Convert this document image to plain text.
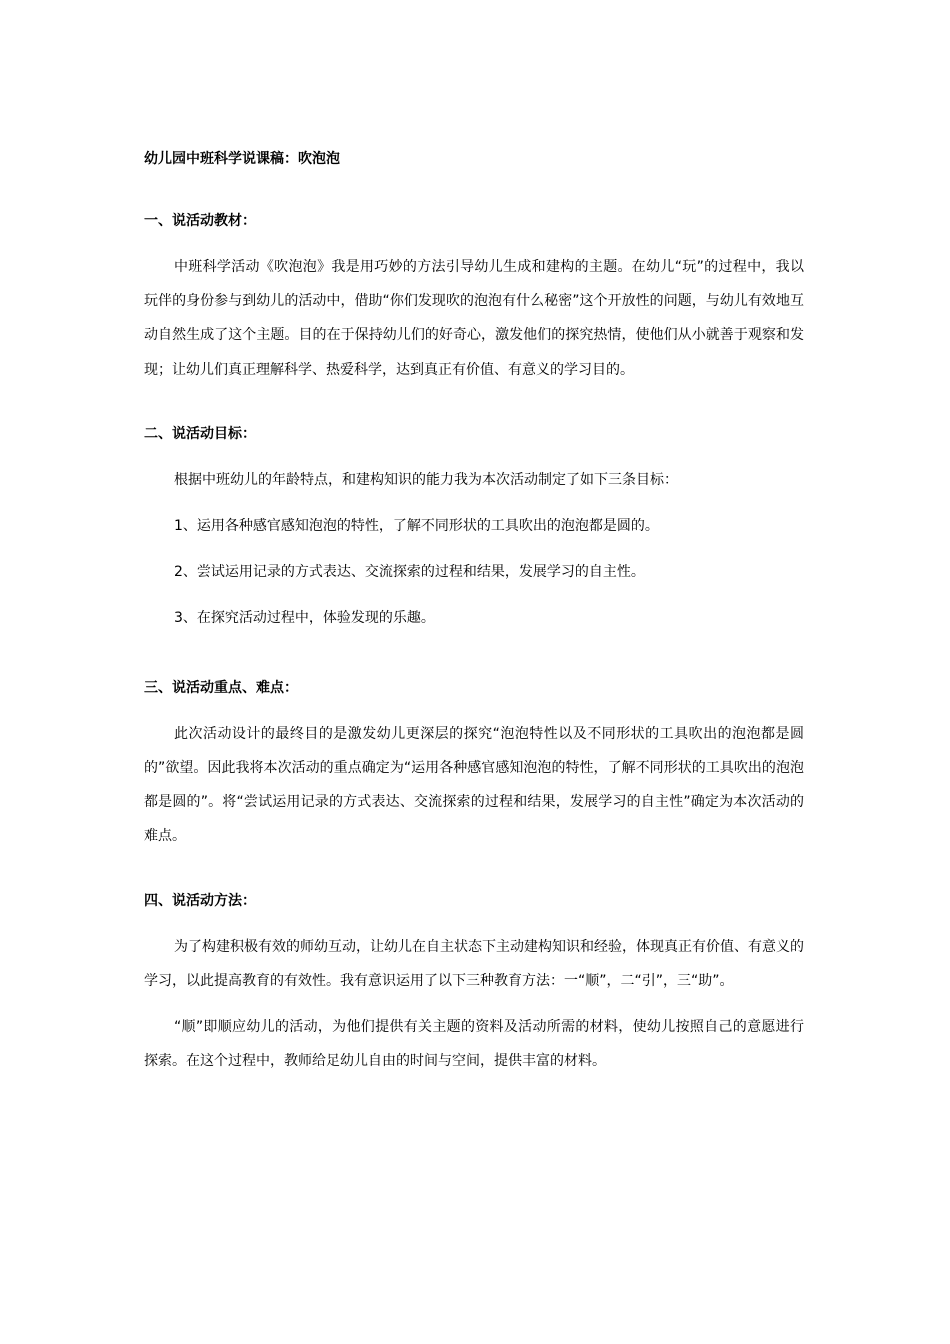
幼儿园中班科学说课稿：吹泡泡

一、说活动教材：

中班科学活动《吹泡泡》我是用巧妙的方法引导幼儿生成和建构的主题。在幼儿“玩”的过程中，我以玩伴的身份参与到幼儿的活动中，借助“你们发现吹的泡泡有什么秘密”这个开放性的问题，与幼儿有效地互动自然生成了这个主题。目的在于保持幼儿们的好奇心，激发他们的探究热情，使他们从小就善于观察和发现；让幼儿们真正理解科学、热爱科学，达到真正有价值、有意义的学习目的。

二、说活动目标：

根据中班幼儿的年龄特点，和建构知识的能力我为本次活动制定了如下三条目标：

1、运用各种感官感知泡泡的特性，了解不同形状的工具吹出的泡泡都是圆的。

2、尝试运用记录的方式表达、交流探索的过程和结果，发展学习的自主性。

3、在探究活动过程中，体验发现的乐趣。

三、说活动重点、难点：

此次活动设计的最终目的是激发幼儿更深层的探究“泡泡特性以及不同形状的工具吹出的泡泡都是圆的”欲望。因此我将本次活动的重点确定为“运用各种感官感知泡泡的特性，了解不同形状的工具吹出的泡泡都是圆的”。将“尝试运用记录的方式表达、交流探索的过程和结果，发展学习的自主性”确定为本次活动的难点。

四、说活动方法：

为了构建积极有效的师幼互动，让幼儿在自主状态下主动建构知识和经验，体现真正有价值、有意义的学习，以此提高教育的有效性。我有意识运用了以下三种教育方法：一“顺”，二“引”，三“助”。

“顺”即顺应幼儿的活动，为他们提供有关主题的资料及活动所需的材料，使幼儿按照自己的意愿进行探索。在这个过程中，教师给足幼儿自由的时间与空间，提供丰富的材料。
